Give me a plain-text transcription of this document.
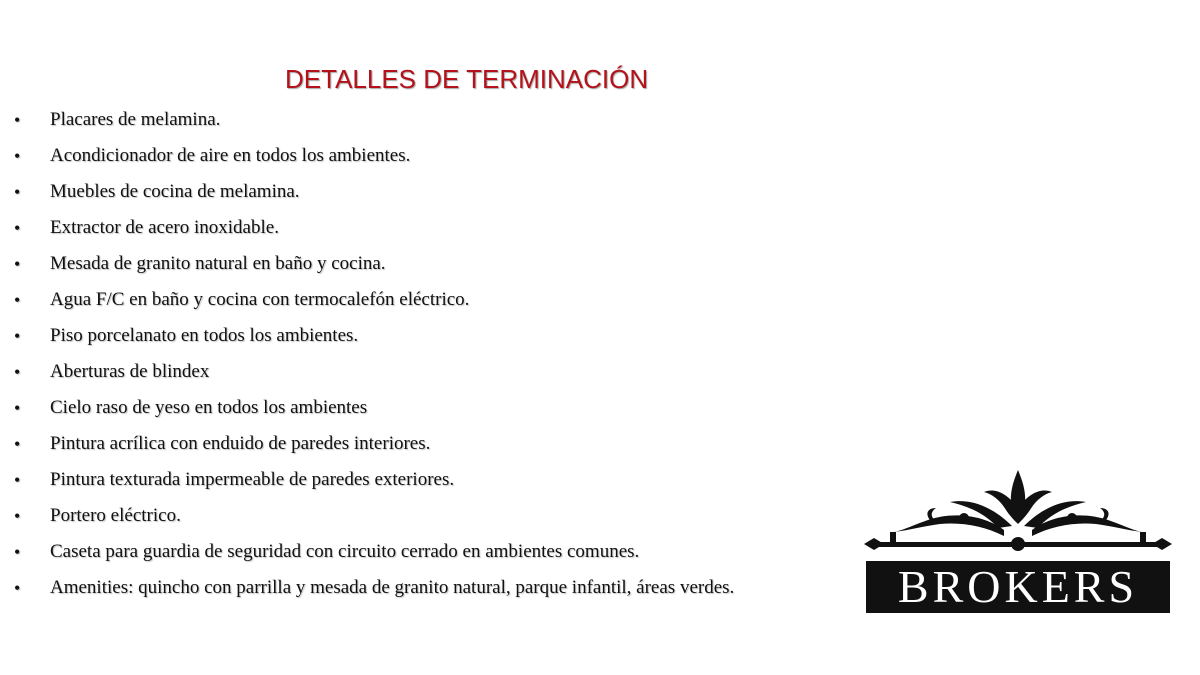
DETALLES DE TERMINACIÓN
• Placares de melamina.
• Acondicionador de aire en todos los ambientes.
• Muebles de cocina de melamina.
• Extractor de acero inoxidable.
• Mesada de granito natural en baño y cocina.
• Agua F/C en baño y cocina con termocalefón eléctrico.
• Piso porcelanato en todos los ambientes.
• Aberturas de blindex
• Cielo raso de yeso en todos los ambientes
• Pintura acrílica con enduido de paredes interiores.
• Pintura texturada impermeable de paredes exteriores.
• Portero eléctrico.
• Caseta para guardia de seguridad con circuito cerrado en ambientes comunes.
• Amenities: quincho con parrilla y mesada de granito natural, parque infantil, áreas verdes.	BROKERS
